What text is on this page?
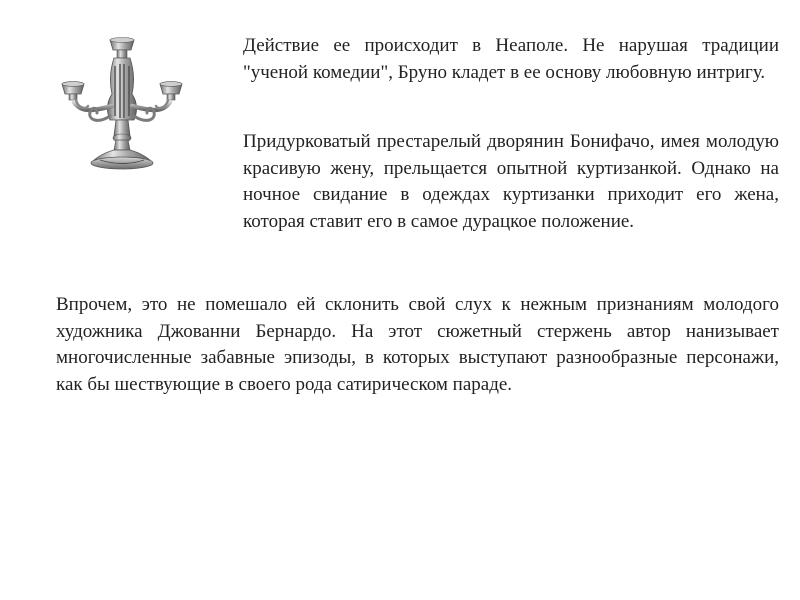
Действие ее происходит в Неаполе. Не нарушая традиции "ученой комедии", Бруно кладет в ее основу любовную интригу.

Придурковатый престарелый дворянин Бонифачо, имея молодую красивую жену, прельщается опытной куртизанкой. Однако на ночное свидание в одеждах куртизанки приходит его жена, которая ставит его в самое дурацкое положение.

Впрочем, это не помешало ей склонить свой слух к нежным признаниям молодого художника Джованни Бернардо. На этот сюжетный стержень автор нанизывает многочисленные забавные эпизоды, в которых выступают разнообразные персонажи, как бы шествующие в своего рода сатирическом параде.
